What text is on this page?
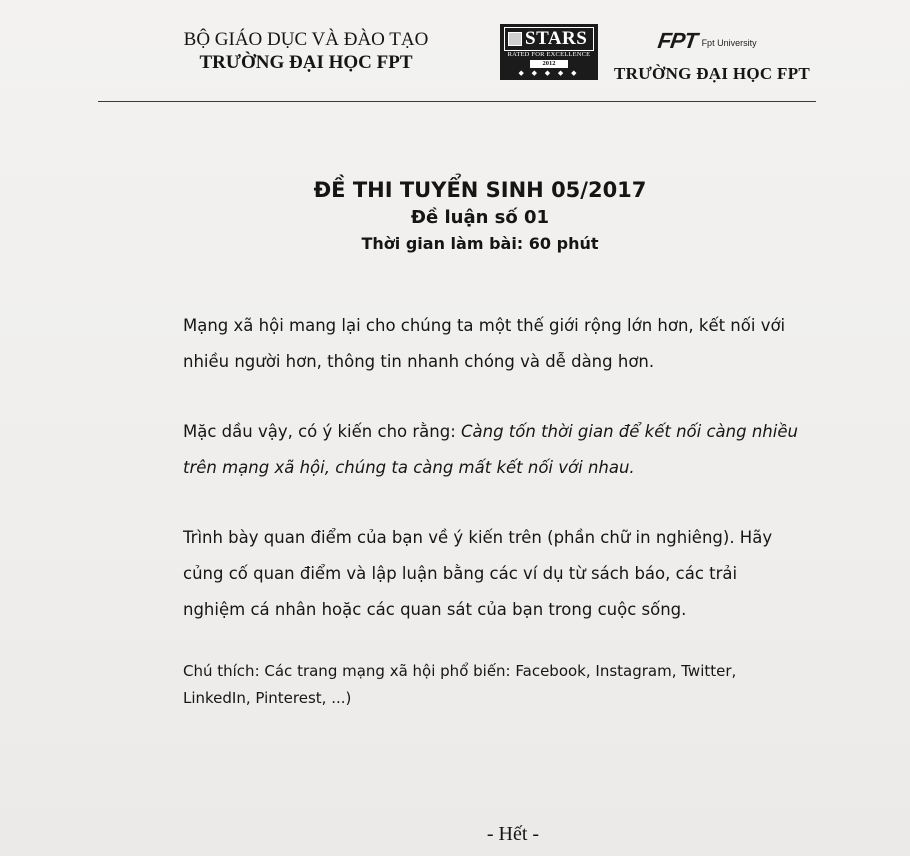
BỘ GIÁO DỤC VÀ ĐÀO TẠO
TRƯỜNG ĐẠI HỌC FPT
STARS
RATED FOR EXCELLENCE
2012
◆ ◆ ◆ ◆ ◆
FPT Fpt University
TRƯỜNG ĐẠI HỌC FPT
ĐỀ THI TUYỂN SINH 05/2017
Đề luận số 01
Thời gian làm bài: 60 phút

Mạng xã hội mang lại cho chúng ta một thế giới rộng lớn hơn, kết nối với nhiều người hơn, thông tin nhanh chóng và dễ dàng hơn.

Mặc dầu vậy, có ý kiến cho rằng: Càng tốn thời gian để kết nối càng nhiều trên mạng xã hội, chúng ta càng mất kết nối với nhau.

Trình bày quan điểm của bạn về ý kiến trên (phần chữ in nghiêng). Hãy củng cố quan điểm và lập luận bằng các ví dụ từ sách báo, các trải nghiệm cá nhân hoặc các quan sát của bạn trong cuộc sống.

Chú thích: Các trang mạng xã hội phổ biến: Facebook, Instagram, Twitter, LinkedIn, Pinterest, ...)

- Hết -
